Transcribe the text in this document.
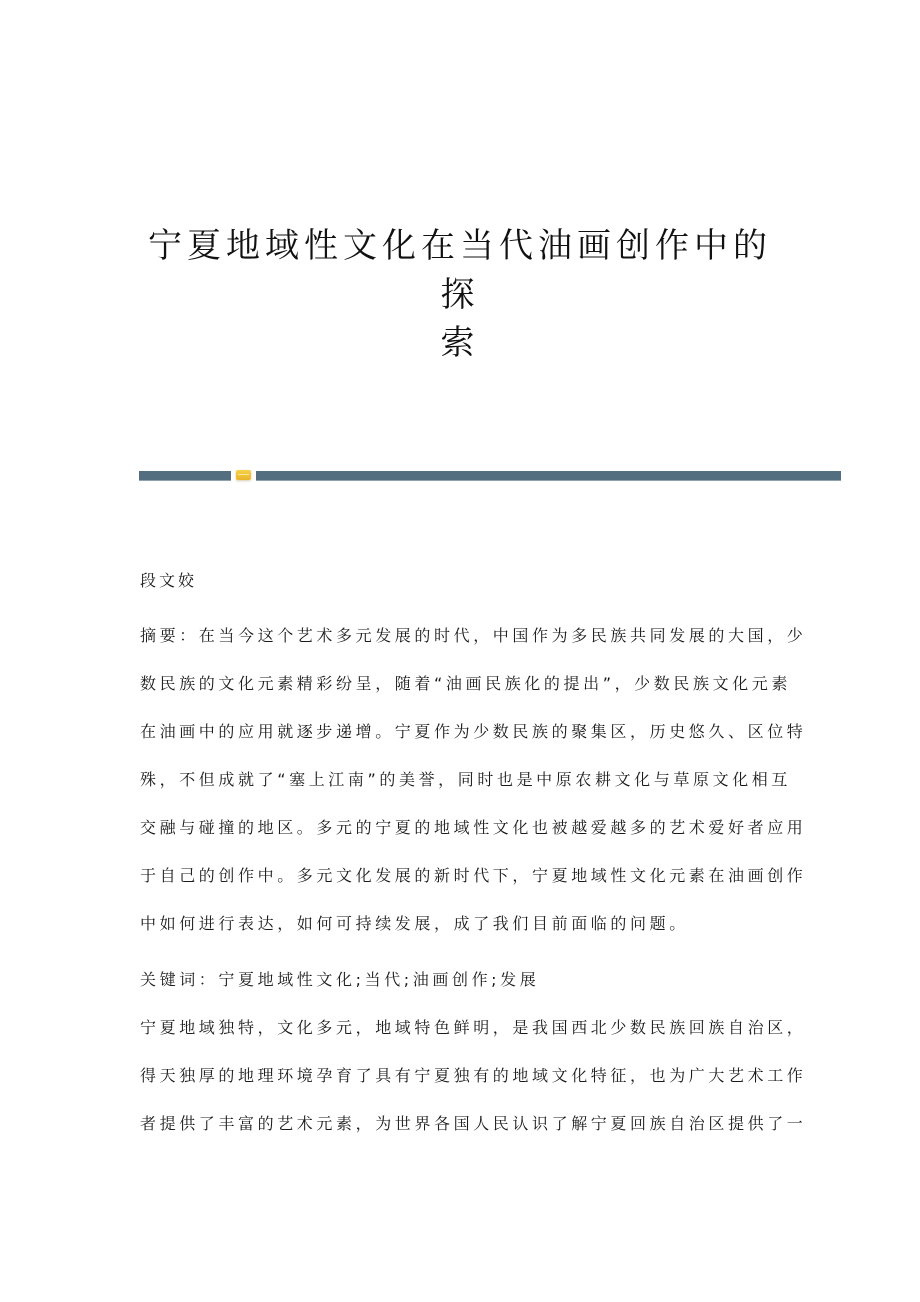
宁夏地域性文化在当代油画创作中的探
索

段文姣

摘要：在当今这个艺术多元发展的时代，中国作为多民族共同发展的大国，少
数民族的文化元素精彩纷呈，随着“油画民族化的提出”，少数民族文化元素
在油画中的应用就逐步递增。宁夏作为少数民族的聚集区，历史悠久、区位特
殊，不但成就了“塞上江南”的美誉，同时也是中原农耕文化与草原文化相互
交融与碰撞的地区。多元的宁夏的地域性文化也被越爱越多的艺术爱好者应用
于自己的创作中。多元文化发展的新时代下，宁夏地域性文化元素在油画创作
中如何进行表达，如何可持续发展，成了我们目前面临的问题。

关键词：宁夏地域性文化;当代;油画创作;发展

宁夏地域独特，文化多元，地域特色鲜明，是我国西北少数民族回族自治区，
得天独厚的地理环境孕育了具有宁夏独有的地域文化特征，也为广大艺术工作
者提供了丰富的艺术元素，为世界各国人民认识了解宁夏回族自治区提供了一
